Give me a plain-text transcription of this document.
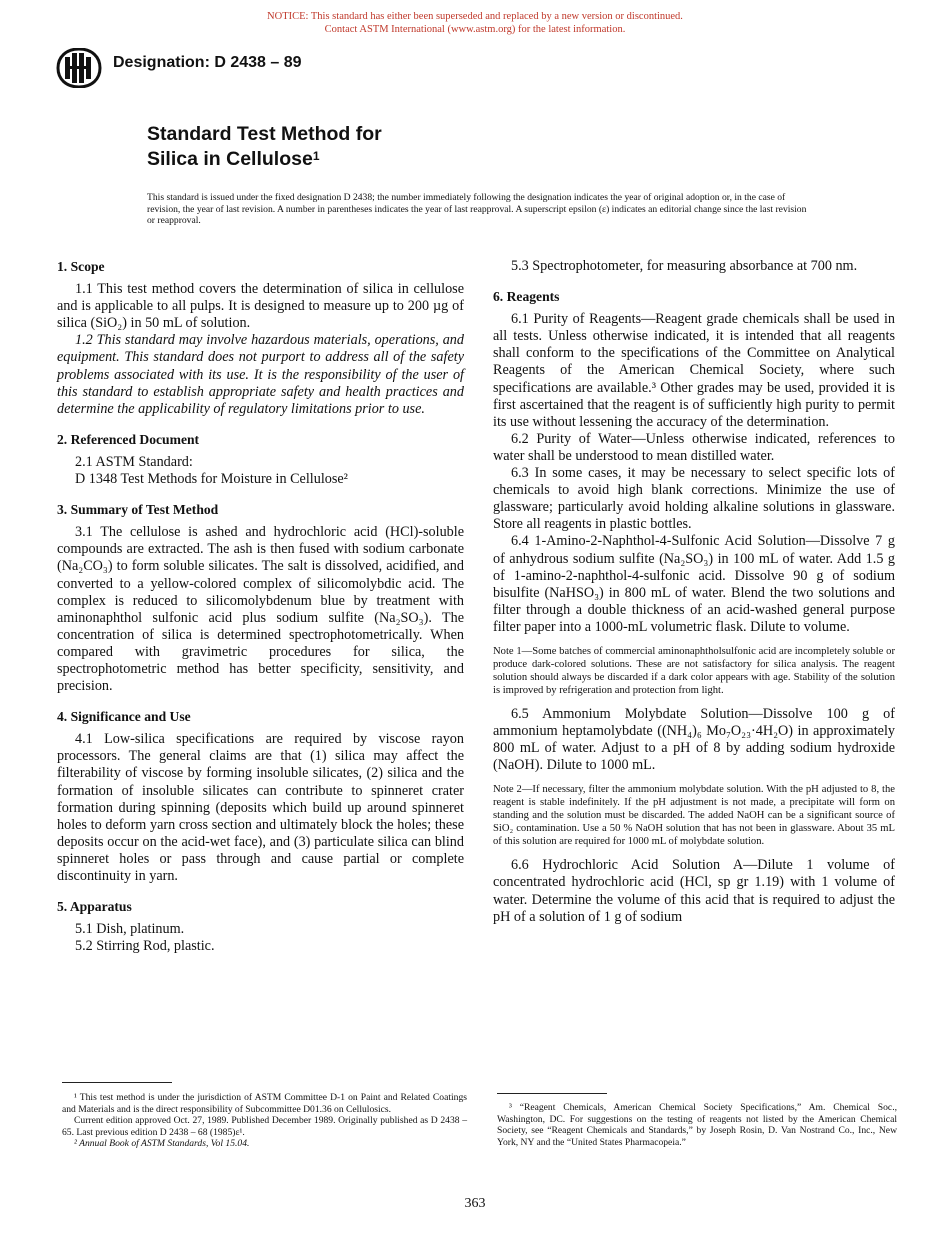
NOTICE: This standard has either been superseded and replaced by a new version or discontinued.
Contact ASTM International (www.astm.org) for the latest information.
Designation: D 2438 – 89
Standard Test Method for
Silica in Cellulose$^1$
This standard is issued under the fixed designation D 2438; the number immediately following the designation indicates the year of original adoption or, in the case of revision, the year of last revision. A number in parentheses indicates the year of last reapproval. A superscript epsilon (ε) indicates an editorial change since the last revision or reapproval.
1. Scope

1.1 This test method covers the determination of silica in cellulose and is applicable to all pulps. It is designed to measure up to 200 µg of silica (SiO₂) in 50 mL of solution.

1.2 This standard may involve hazardous materials, operations, and equipment. This standard does not purport to address all of the safety problems associated with its use. It is the responsibility of the user of this standard to establish appropriate safety and health practices and determine the applicability of regulatory limitations prior to use.

2. Referenced Document

2.1 ASTM Standard:

D 1348 Test Methods for Moisture in Cellulose²

3. Summary of Test Method

3.1 The cellulose is ashed and hydrochloric acid (HCl)-soluble compounds are extracted. The ash is then fused with sodium carbonate (Na₂CO₃) to form soluble silicates. The salt is dissolved, acidified, and converted to a yellow-colored complex of silicomolybdic acid. The complex is reduced to silicomolybdenum blue by treatment with aminonaphthol sulfonic acid plus sodium sulfite (Na₂SO₃). The concentration of silica is determined spectrophotometrically. When compared with gravimetric procedures for silica, the spectrophotometric method has better specificity, sensitivity, and precision.

4. Significance and Use

4.1 Low-silica specifications are required by viscose rayon processors. The general claims are that (1) silica may affect the filterability of viscose by forming insoluble silicates, (2) silica and the formation of insoluble silicates can contribute to spinneret crater formation during spinning (deposits which build up around spinneret holes to deform yarn cross section and ultimately block the holes; these deposits occur on the acid-wet face), and (3) particulate silica can blind spinneret holes or pass through and cause partial or complete discontinuity in yarn.

5. Apparatus

5.1 Dish, platinum.

5.2 Stirring Rod, plastic.

5.3 Spectrophotometer, for measuring absorbance at 700 nm.

6. Reagents

6.1 Purity of Reagents—Reagent grade chemicals shall be used in all tests. Unless otherwise indicated, it is intended that all reagents shall conform to the specifications of the Committee on Analytical Reagents of the American Chemical Society, where such specifications are available.³ Other grades may be used, provided it is first ascertained that the reagent is of sufficiently high purity to permit its use without lessening the accuracy of the determination.

6.2 Purity of Water—Unless otherwise indicated, references to water shall be understood to mean distilled water.

6.3 In some cases, it may be necessary to select specific lots of chemicals to avoid high blank corrections. Minimize the use of glassware; particularly avoid holding alkaline solutions in glassware. Store all reagents in plastic bottles.

6.4 1-Amino-2-Naphthol-4-Sulfonic Acid Solution—Dissolve 7 g of anhydrous sodium sulfite (Na₂SO₃) in 100 mL of water. Add 1.5 g of 1-amino-2-naphthol-4-sulfonic acid. Dissolve 90 g of sodium bisulfite (NaHSO₃) in 800 mL of water. Blend the two solutions and filter through a double thickness of an acid-washed general purpose filter paper into a 1000-mL volumetric flask. Dilute to volume.

Note 1—Some batches of commercial aminonaphtholsulfonic acid are incompletely soluble or produce dark-colored solutions. These are not satisfactory for silica analysis. The reagent solution should always be discarded if a dark color appears with age. Stability of the solution is improved by refrigeration and protection from light.

6.5 Ammonium Molybdate Solution—Dissolve 100 g of ammonium heptamolybdate ((NH₄)₆ Mo₇O₂₃·4H₂O) in approximately 800 mL of water. Adjust to a pH of 8 by adding sodium hydroxide (NaOH). Dilute to 1000 mL.

Note 2—If necessary, filter the ammonium molybdate solution. With the pH adjusted to 8, the reagent is stable indefinitely. If the pH adjustment is not made, a precipitate will form on standing and the solution must be discarded. The added NaOH can be a significant source of SiO₂ contamination. Use a 50 % NaOH solution that has not been in glassware. About 35 mL of this solution are required for 1000 mL of molybdate solution.

6.6 Hydrochloric Acid Solution A—Dilute 1 volume of concentrated hydrochloric acid (HCl, sp gr 1.19) with 1 volume of water. Determine the volume of this acid that is required to adjust the pH of a solution of 1 g of sodium

¹ This test method is under the jurisdiction of ASTM Committee D-1 on Paint and Related Coatings and Materials and is the direct responsibility of Subcommittee D01.36 on Cellulosics.

Current edition approved Oct. 27, 1989. Published December 1989. Originally published as D 2438 – 65. Last previous edition D 2438 – 68 (1985)ε¹.

² Annual Book of ASTM Standards, Vol 15.04.

³ “Reagent Chemicals, American Chemical Society Specifications,” Am. Chemical Soc., Washington, DC. For suggestions on the testing of reagents not listed by the American Chemical Society, see “Reagent Chemicals and Standards,” by Joseph Rosin, D. Van Nostrand Co., Inc., New York, NY and the “United States Pharmacopeia.”

363
